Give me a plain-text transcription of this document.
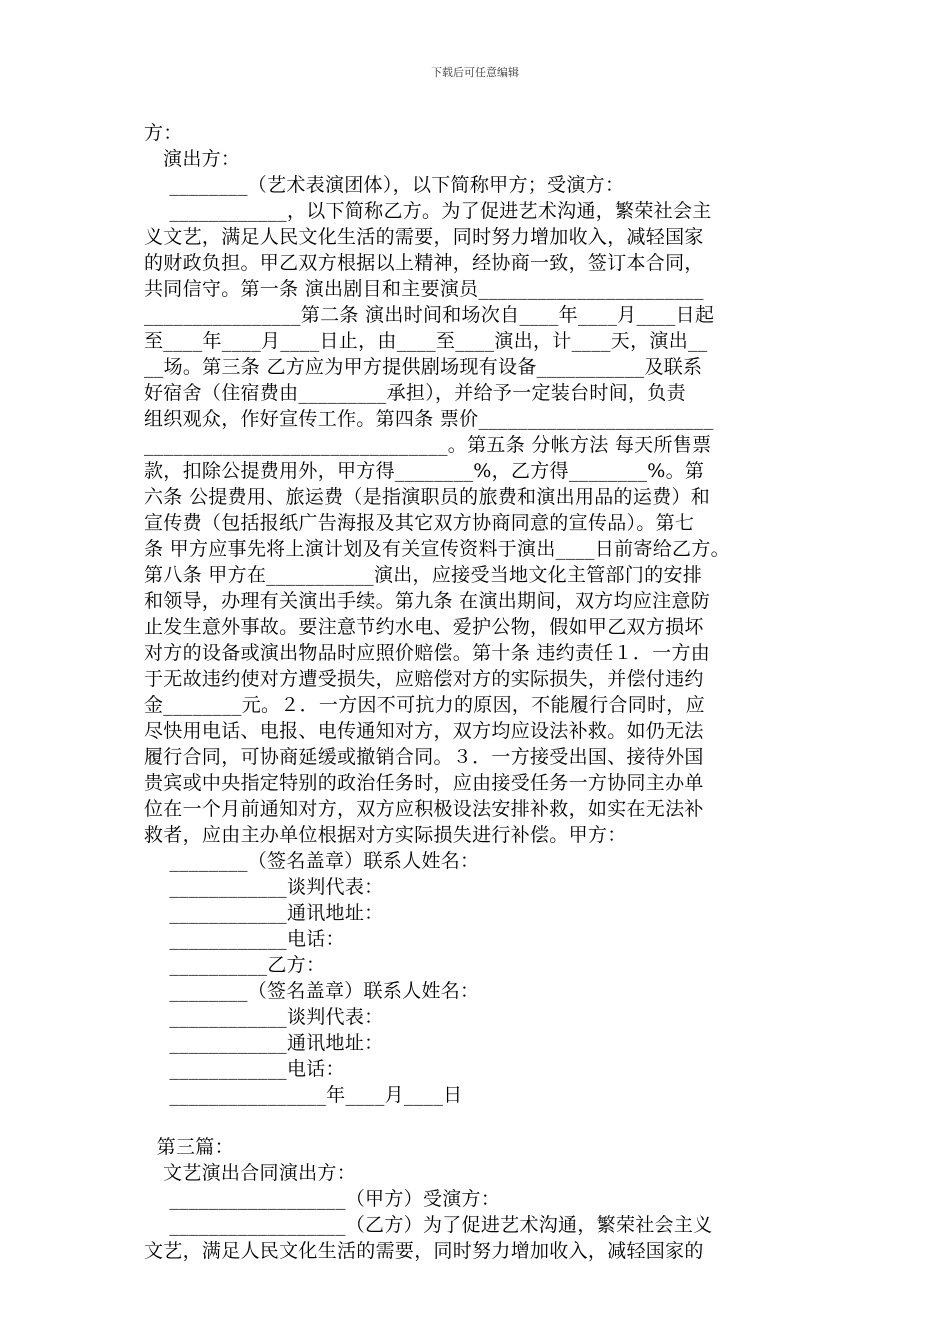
下载后可任意编辑
方：
演出方：
________（艺术表演团体），以下简称甲方；受演方：
____________，以下简称乙方。为了促进艺术沟通，繁荣社会主
义文艺，满足人民文化生活的需要，同时努力增加收入，减轻国家
的财政负担。甲乙双方根据以上精神，经协商一致，签订本合同，
共同信守。第一条 演出剧目和主要演员_______________________
________________第二条 演出时间和场次自____年____月____日起
至____年____月____日止，由____至____演出，计____天，演出__
__场。第三条 乙方应为甲方提供剧场现有设备___________及联系
好宿舍（住宿费由_________承担），并给予一定装台时间，负责
组织观众，作好宣传工作。第四条 票价________________________
_______________________________。第五条 分帐方法 每天所售票
款，扣除公提费用外，甲方得________%，乙方得________%。第
六条 公提费用、旅运费（是指演职员的旅费和演出用品的运费）和
宣传费（包括报纸广告海报及其它双方协商同意的宣传品）。第七
条 甲方应事先将上演计划及有关宣传资料于演出____日前寄给乙方。
第八条 甲方在___________演出，应接受当地文化主管部门的安排
和领导，办理有关演出手续。第九条 在演出期间，双方均应注意防
止发生意外事故。要注意节约水电、爱护公物，假如甲乙双方损坏
对方的设备或演出物品时应照价赔偿。第十条 违约责任１．一方由
于无故违约使对方遭受损失，应赔偿对方的实际损失，并偿付违约
金________元。２．一方因不可抗力的原因，不能履行合同时，应
尽快用电话、电报、电传通知对方，双方均应设法补救。如仍无法
履行合同，可协商延缓或撤销合同。３．一方接受出国、接待外国
贵宾或中央指定特别的政治任务时，应由接受任务一方协同主办单
位在一个月前通知对方，双方应积极设法安排补救，如实在无法补
救者，应由主办单位根据对方实际损失进行补偿。甲方：
________（签名盖章）联系人姓名：
____________谈判代表：
____________通讯地址：
____________电话：
__________乙方：
________（签名盖章）联系人姓名：
____________谈判代表：
____________通讯地址：
____________电话：
________________年____月____日
第三篇：
文艺演出合同演出方：
__________________（甲方）受演方：
__________________（乙方）为了促进艺术沟通，繁荣社会主义
文艺，满足人民文化生活的需要，同时努力增加收入，减轻国家的
